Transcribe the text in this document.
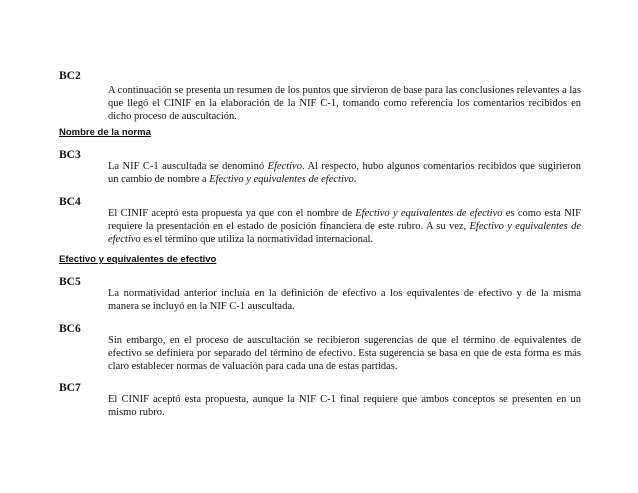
BC2
A continuación se presenta un resumen de los puntos que sirvieron de base para las conclusiones relevantes a las que llegó el CINIF en la elaboración de la NIF C-1, tomando como referencia los comentarios recibidos en dicho proceso de auscultación.
Nombre de la norma
BC3
La NIF C-1 auscultada se denominó Efectivo. Al respecto, hubo algunos comentarios recibidos que sugirieron un cambio de nombre a Efectivo y equivalentes de efectivo.
BC4
El CINIF aceptó esta propuesta ya que con el nombre de Efectivo y equivalentes de efectivo es como esta NIF requiere la presentación en el estado de posición financiera de este rubro. A su vez, Efectivo y equivalentes de efectivo es el término que utiliza la normatividad internacional.
Efectivo y equivalentes de efectivo
BC5
La normatividad anterior incluía en la definición de efectivo a los equivalentes de efectivo y de la misma manera se incluyó en la NIF C-1 auscultada.
BC6
Sin embargo, en el proceso de auscultación se recibieron sugerencias de que el término de equivalentes de efectivo se definiera por separado del término de efectivo. Esta sugerencia se basa en que de esta forma es más claro establecer normas de valuación para cada una de estas partidas.
BC7
El CINIF aceptó esta propuesta, aunque la NIF C-1 final requiere que ambos conceptos se presenten en un mismo rubro.
